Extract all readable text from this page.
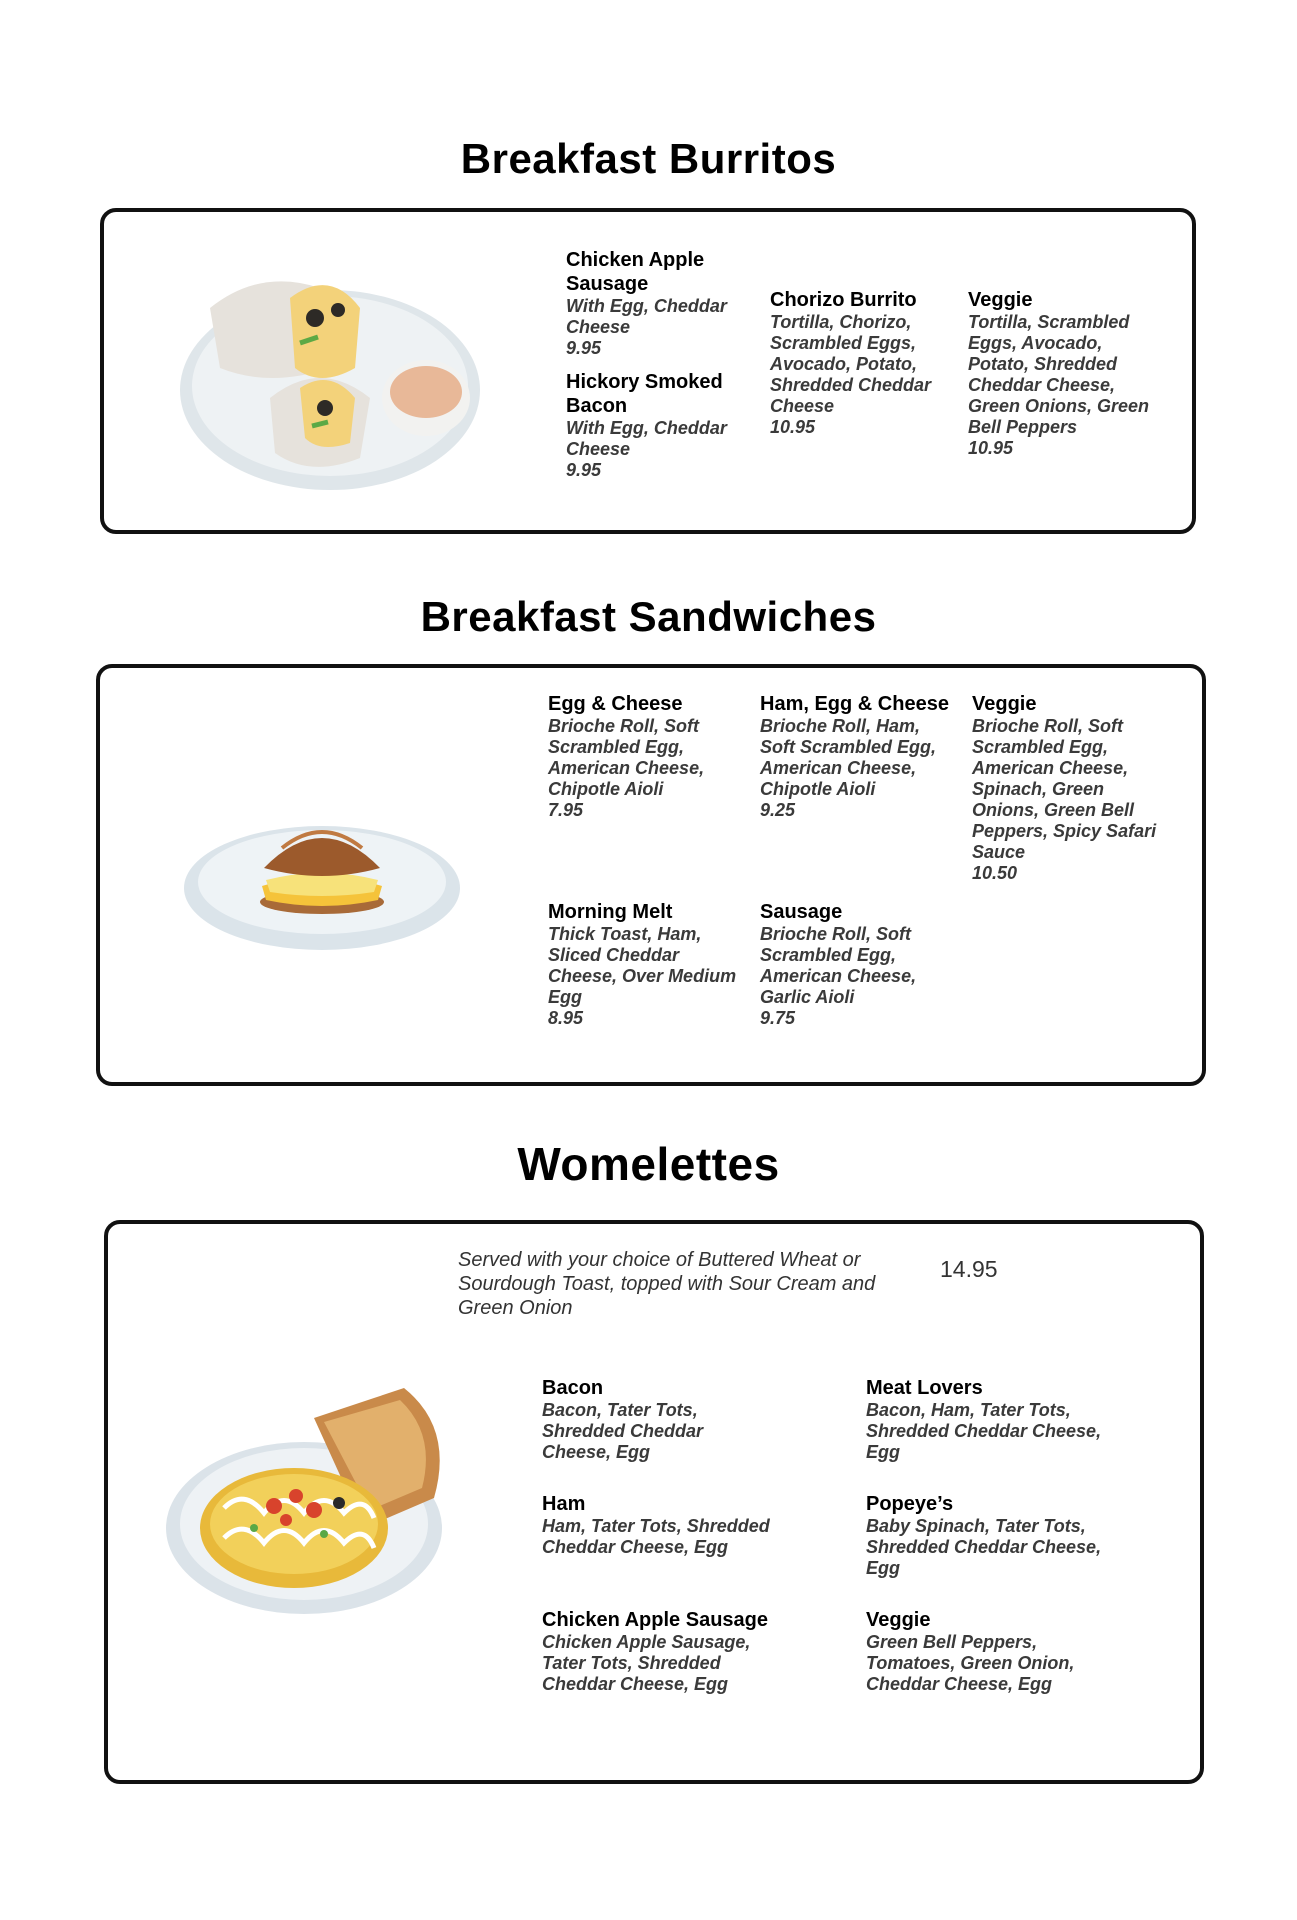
Breakfast Burritos
Chicken Apple Sausage
With Egg, Cheddar Cheese
9.95
Hickory Smoked Bacon
With Egg, Cheddar Cheese
9.95
Chorizo Burrito
Tortilla, Chorizo, Scrambled Eggs, Avocado, Potato, Shredded Cheddar Cheese
10.95
Veggie
Tortilla, Scrambled Eggs, Avocado, Potato, Shredded Cheddar Cheese, Green Onions, Green Bell Peppers
10.95
Breakfast Sandwiches
Egg & Cheese
Brioche Roll, Soft Scrambled Egg, American Cheese, Chipotle Aioli
7.95
Ham, Egg & Cheese
Brioche Roll, Ham, Soft Scrambled Egg, American Cheese, Chipotle Aioli
9.25
Veggie
Brioche Roll, Soft Scrambled Egg, American Cheese, Spinach, Green Onions, Green Bell Peppers, Spicy Safari Sauce
10.50
Morning Melt
Thick Toast, Ham, Sliced Cheddar Cheese, Over Medium Egg
8.95
Sausage
Brioche Roll, Soft Scrambled Egg, American Cheese, Garlic Aioli
9.75
Womelettes
Served with your choice of Buttered Wheat or Sourdough Toast, topped with Sour Cream and Green Onion
14.95
Bacon
Bacon, Tater Tots, Shredded Cheddar Cheese, Egg
Meat Lovers
Bacon, Ham, Tater Tots, Shredded Cheddar Cheese, Egg
Ham
Ham, Tater Tots, Shredded Cheddar Cheese, Egg
Popeye’s
Baby Spinach, Tater Tots, Shredded Cheddar Cheese, Egg
Chicken Apple Sausage
Chicken Apple Sausage, Tater Tots, Shredded Cheddar Cheese, Egg
Veggie
Green Bell Peppers, Tomatoes, Green Onion, Cheddar Cheese, Egg
